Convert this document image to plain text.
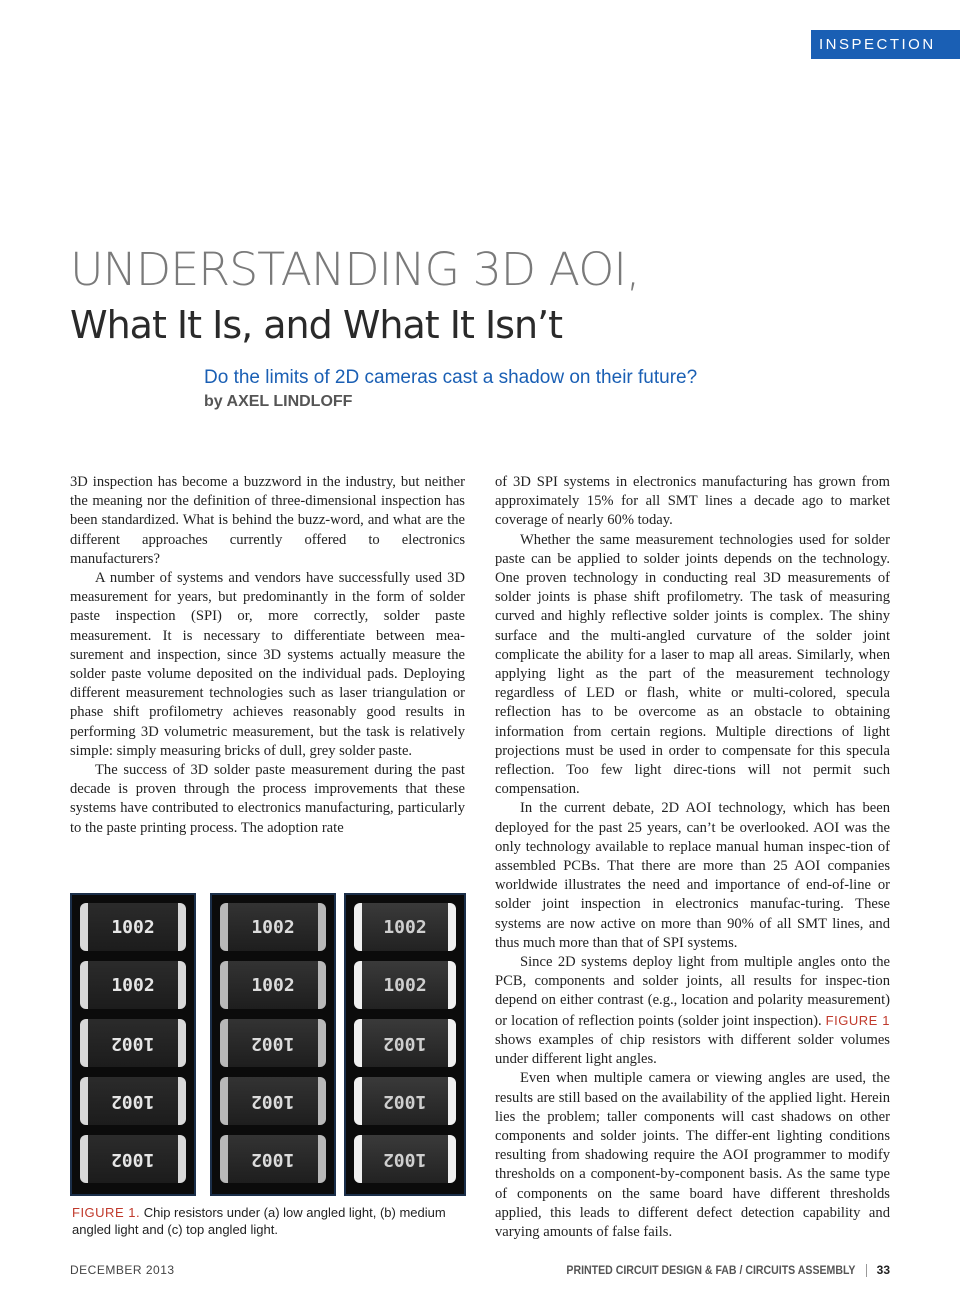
INSPECTION
UNDERSTANDING 3D AOI,
What It Is, and What It Isn’t
Do the limits of 2D cameras cast a shadow on their future?
by AXEL LINDLOFF

3D inspection has become a buzzword in the industry, but neither the meaning nor the definition of three-dimensional inspection has been standardized. What is behind the buzz-word, and what are the different approaches currently offered to electronics manufacturers?

A number of systems and vendors have successfully used 3D measurement for years, but predominantly in the form of solder paste inspection (SPI) or, more correctly, solder paste measurement. It is necessary to differentiate between mea-surement and inspection, since 3D systems actually measure the solder paste volume deposited on the individual pads. Deploying different measurement technologies such as laser triangulation or phase shift profilometry achieves reasonably good results in performing 3D volumetric measurement, but the task is relatively simple: simply measuring bricks of dull, grey solder paste.

The success of 3D solder paste measurement during the past decade is proven through the process improvements that these systems have contributed to electronics manufacturing, particularly to the paste printing process. The adoption rate

of 3D SPI systems in electronics manufacturing has grown from approximately 15% for all SMT lines a decade ago to market coverage of nearly 60% today.

Whether the same measurement technologies used for solder paste can be applied to solder joints depends on the technology. One proven technology in conducting real 3D measurements of solder joints is phase shift profilometry. The task of measuring curved and highly reflective solder joints is complex. The shiny surface and the multi-angled curvature of the solder joint complicate the ability for a laser to map all areas. Similarly, when applying light as the part of the measurement technology regardless of LED or flash, white or multi-colored, specula reflection has to be overcome as an obstacle to obtaining information from certain regions. Multiple directions of light projections must be used in order to compensate for this specula reflection. Too few light direc-tions will not permit such compensation.

In the current debate, 2D AOI technology, which has been deployed for the past 25 years, can’t be overlooked. AOI was the only technology available to replace manual human inspec-tion of assembled PCBs. That there are more than 25 AOI companies worldwide illustrates the need and importance of end-of-line or solder joint inspection in electronics manufac-turing. These systems are now active on more than 90% of all SMT lines, and thus much more than that of SPI systems.

Since 2D systems deploy light from multiple angles onto the PCB, components and solder joints, all results for inspec-tion depend on either contrast (e.g., location and polarity measurement) or location of reflection points (solder joint inspection). FIGURE 1 shows examples of chip resistors with different solder volumes under different light angles.

Even when multiple camera or viewing angles are used, the results are still based on the availability of the applied light. Herein lies the problem; taller components will cast shadows on other components and solder joints. The differ-ent lighting conditions resulting from shadowing require the AOI programmer to modify thresholds on a component-by-component basis. As the same type of components on the same board have different thresholds applied, this leads to different defect detection capability and varying amounts of false fails.

1002
1002
1002
1002
1002
1002
1002
1002
1002
1002
1002
1002
1002
1002
1002
FIGURE 1. Chip resistors under (a) low angled light, (b) medium angled light and (c) top angled light.
DECEMBER 2013	PRINTED CIRCUIT DESIGN & FAB / CIRCUITS ASSEMBLY 33
